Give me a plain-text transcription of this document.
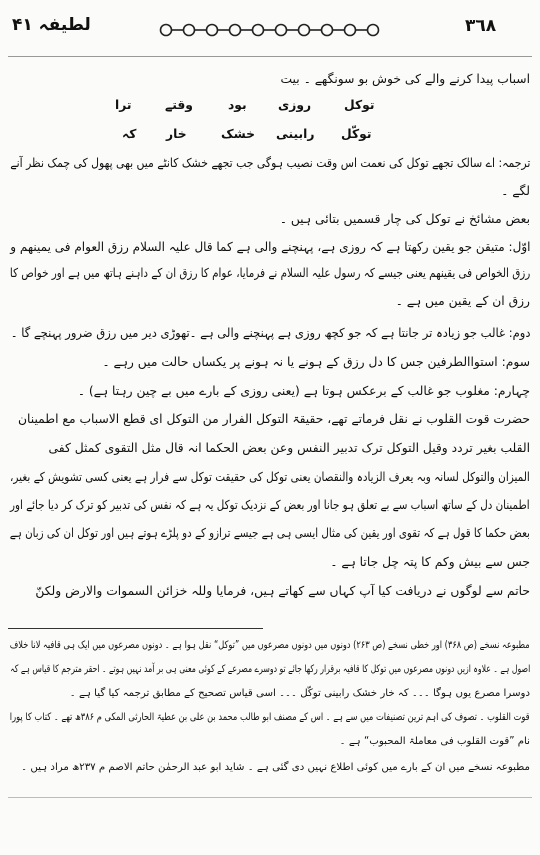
٣٦٨
لطیفہ ۴۱
اسباب پیدا کرنے والے کی خوش بو سونگھے ۔ بیت
ترا	وقتے	بود	روزی	توکل
کہ خار	خشک رابینی توکّل
ترجمہ: اے سالک تجھے توکل کی نعمت اس وقت نصیب ہوگی جب تجھے خشک کانٹے میں بھی پھول کی چمک نظر آنے
لگے ۔
بعض مشائخ نے توکل کی چار قسمیں بتائی ہیں ۔
اوّل: متیقن جو یقین رکھتا ہے کہ روزی ہے، پہنچنے والی ہے کما قال علیہ السلام رزق العوام فی یمینھم و
رزق الخواص فی یقینھم یعنی جیسے کہ رسول علیہ السلام نے فرمایا، عوام کا رزق ان کے داہنے ہاتھ میں ہے اور خواص کا
رزق ان کے یقین میں ہے ۔
دوم: غالب جو زیادہ تر جانتا ہے کہ جو کچھ روزی ہے پہنچنے والی ہے ۔تھوڑی دیر میں رزق ضرور پہنچے گا ۔
سوم: استواالطرفین جس کا دل رزق کے ہونے یا نہ ہونے پر یکساں حالت میں رہے ۔
چہارم: مغلوب جو غالب کے برعکس ہوتا ہے (یعنی روزی کے بارے میں بے چین رہتا ہے) ۔
حضرت قوت القلوب نے نقل فرماتے تھے، حقیقۃ التوکل الفرار من التوکل ای قطع الاسباب مع اطمینان
القلب بغیر تردد وقیل التوکل ترک تدبیر النفس وعن بعض الحکما انہ قال مثل التقوی کمثل کفی
المیزان والتوکل لسانہ وبہ یعرف الزیادہ والنقصان یعنی توکل کی حقیقت توکل سے فرار ہے یعنی کسی تشویش کے بغیر،
اطمینان دل کے ساتھ اسباب سے بے تعلق ہو جانا اور بعض کے نزدیک توکل یہ ہے کہ نفس کی تدبیر کو ترک کر دیا جائے اور
بعض حکما کا قول ہے کہ تقوی اور یقین کی مثال ایسی ہی ہے جیسے ترازو کے دو پلڑے ہوتے ہیں اور توکل ان کی زبان ہے
جس سے بیش وکم کا پتہ چل جاتا ہے ۔
حاتم سے لوگوں نے دریافت کیا آپ کہاں سے کھاتے ہیں، فرمایا وللہ خزائن السموات والارض ولکنّ
مطبوعہ نسخے (ص ۳۶۸) اور خطی نسخے (ص ۲۶۳) دونوں میں دونوں مصرعوں میں ”توکل“ نقل ہوا ہے ۔ دونوں مصرعوں میں ایک ہی قافیہ لانا خلاف
اصول ہے ۔ علاوہ ازیں دونوں مصرعوں میں توکل کا قافیہ برقرار رکھا جائے تو دوسرے مصرعے کے کوئی معنی ہی بر آمد نہیں ہوتے ۔ احقر مترجم کا قیاس ہے کہ
دوسرا مصرع یوں ہوگا ۔۔۔ کہ خار خشک رابینی توکّل ۔۔۔ اسی قیاس تصحیح کے مطابق ترجمہ کیا گیا ہے ۔
قوت القلوب ۔ تصوف کی اہم ترین تصنیفات میں سے ہے ۔ اس کے مصنف ابو طالب محمد بن علی بن عطیۃ الحارثی المکی م ۳۸۶ھ تھے ۔ کتاب کا پورا
نام ”قوت القلوب فی معاملۃ المحبوب“ ہے ۔
مطبوعہ نسخے میں ان کے بارے میں کوئی اطلاع نہیں دی گئی ہے ۔ شاید ابو عبد الرحمٰن حاتم الاصم م ۲۳۷ھ مراد ہیں ۔
